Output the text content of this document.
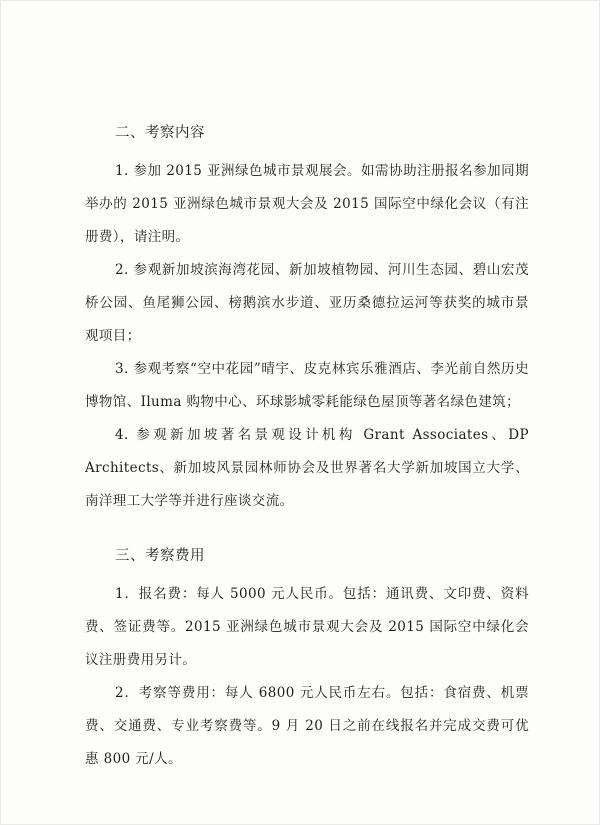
二、考察内容

1. 参加 2015 亚洲绿色城市景观展会。如需协助注册报名参加同期举办的 2015 亚洲绿色城市景观大会及 2015 国际空中绿化会议（有注册费），请注明。

2. 参观新加坡滨海湾花园、新加坡植物园、河川生态园、碧山宏茂桥公园、鱼尾狮公园、榜鹅滨水步道、亚历桑德拉运河等获奖的城市景观项目；

3. 参观考察“空中花园”晴宇、皮克林宾乐雅酒店、李光前自然历史博物馆、Iluma 购物中心、环球影城零耗能绿色屋顶等著名绿色建筑；

4. 参观新加坡著名景观设计机构 Grant Associates、DP Architects、新加坡风景园林师协会及世界著名大学新加坡国立大学、南洋理工大学等并进行座谈交流。

三、考察费用

1．报名费：每人 5000 元人民币。包括：通讯费、文印费、资料费、签证费等。2015 亚洲绿色城市景观大会及 2015 国际空中绿化会议注册费用另计。

2．考察等费用：每人 6800 元人民币左右。包括：食宿费、机票费、交通费、专业考察费等。9 月 20 日之前在线报名并完成交费可优惠 800 元/人。
